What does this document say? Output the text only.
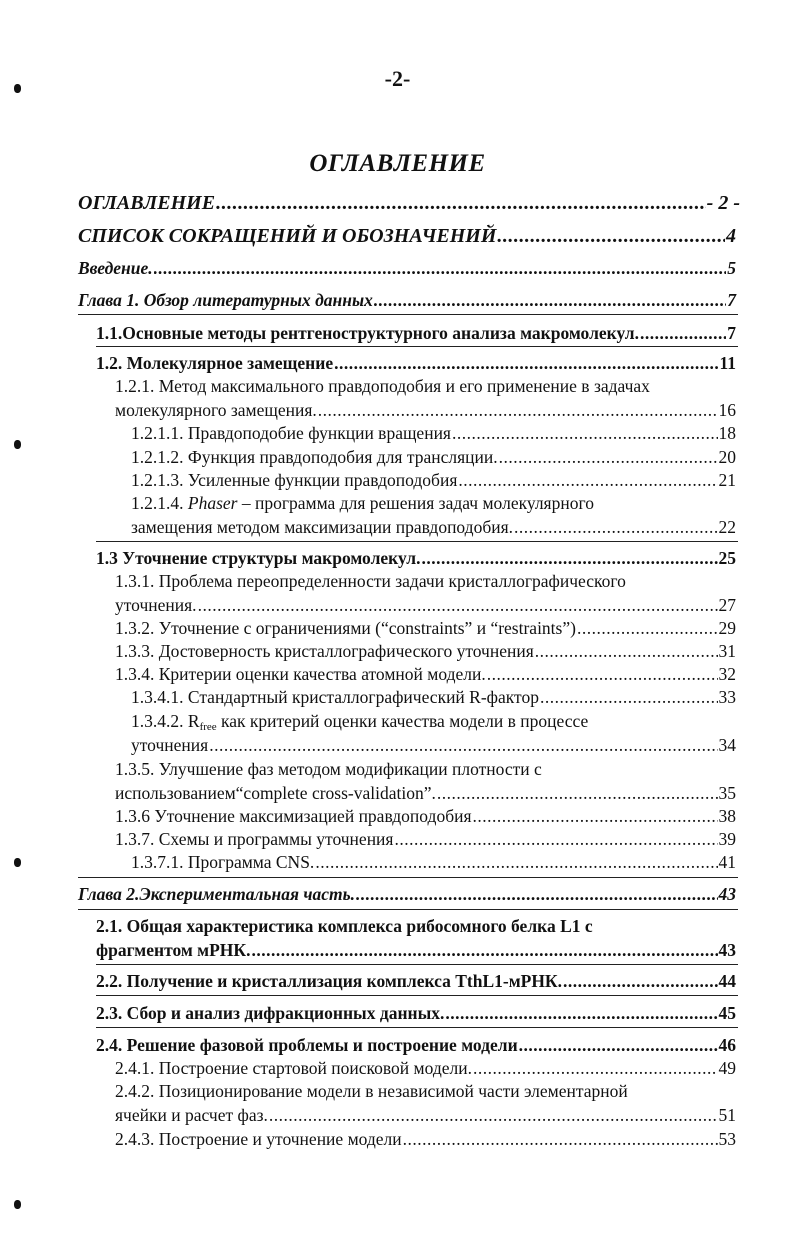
-2-
ОГЛАВЛЕНИЕ
ОГЛАВЛЕНИЕ .....	- 2 -
СПИСОК СОКРАЩЕНИЙ И ОБОЗНАЧЕНИЙ .....	4
Введение. .....	5
Глава 1. Обзор литературных данных .....	7
1.1.Основные методы рентгеноструктурного анализа макромолекул. .....	7
1.2. Молекулярное замещение .....	11
1.2.1. Метод максимального правдоподобия и его применение в задачах
молекулярного замещения. .....	16
1.2.1.1. Правдоподобие функции вращения .....	18
1.2.1.2. Функция правдоподобия для трансляции. .....	20
1.2.1.3. Усиленные функции правдоподобия .....	21
1.2.1.4. Phaser – программа для решения задач молекулярного
замещения методом максимизации правдоподобия. .....	22
1.3 Уточнение структуры макромолекул. .....	25
1.3.1. Проблема переопределенности задачи кристаллографического
уточнения. .....	27
1.3.2. Уточнение с ограничениями (“constraints” и “restraints”) .....	29
1.3.3. Достоверность кристаллографического уточнения .....	31
1.3.4. Критерии оценки качества атомной модели. .....	32
1.3.4.1. Стандартный кристаллографический R-фактор .....	33
1.3.4.2. $R_{free}$ как критерий оценки качества модели в процессе
уточнения .....	34
1.3.5. Улучшение фаз методом модификации плотности с
использованием“complete cross-validation”. .....	35
1.3.6 Уточнение максимизацией правдоподобия .....	38
1.3.7. Схемы и программы уточнения .....	39
1.3.7.1. Программа CNS. .....	41
Глава 2.Экспериментальная часть. .....	43
2.1. Общая характеристика комплекса рибосомного белка L1 с
фрагментом мРНК. .....	43
2.2. Получение и кристаллизация комплекса TthL1-мРНК. .....	44
2.3. Сбор и анализ дифракционных данных. .....	45
2.4. Решение фазовой проблемы и построение модели .....	46
2.4.1. Построение стартовой поисковой модели. .....	49
2.4.2. Позиционирование модели в независимой части элементарной
ячейки и расчет фаз. .....	51
2.4.3. Построение и уточнение модели .....	53
